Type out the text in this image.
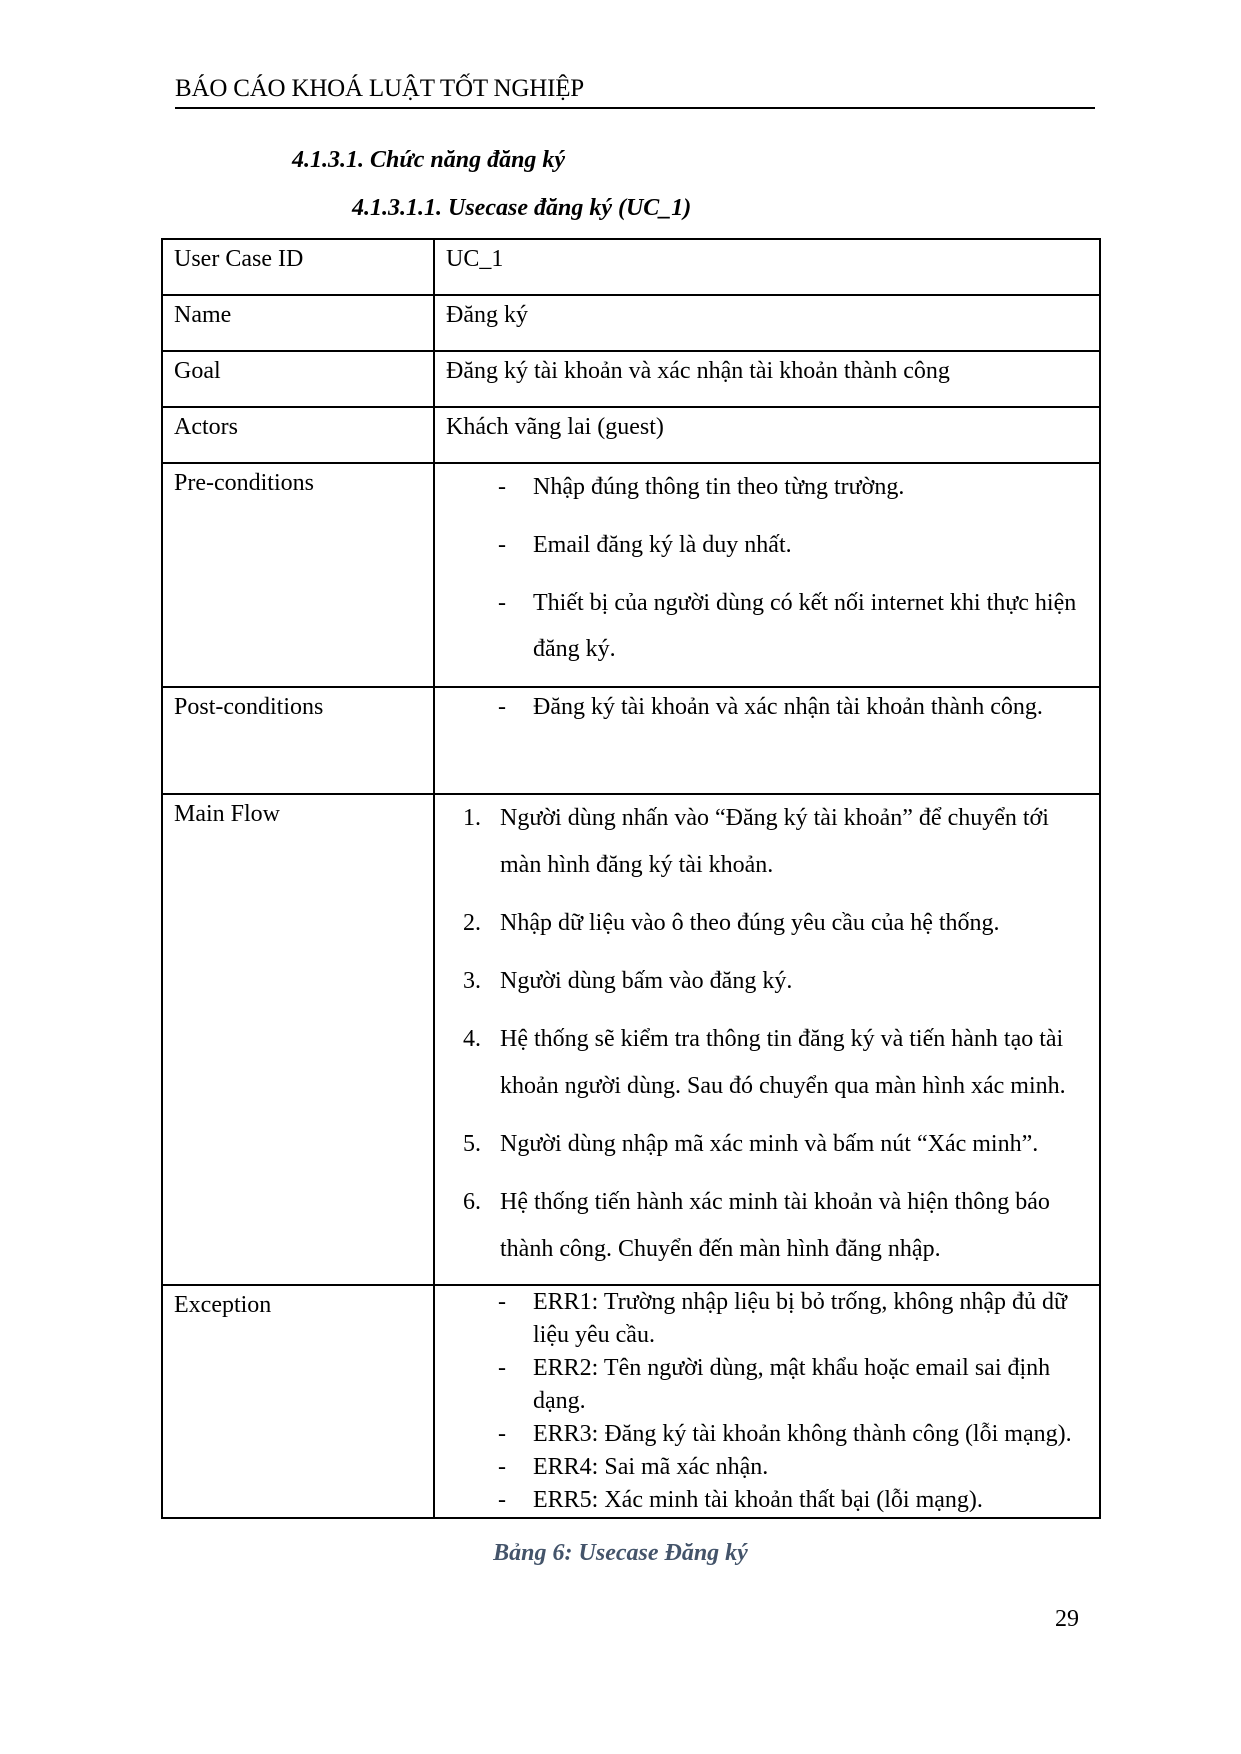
BÁO CÁO KHOÁ LUẬT TỐT NGHIỆP
4.1.3.1. Chức năng đăng ký
4.1.3.1.1. Usecase đăng ký (UC_1)
User Case ID	UC_1
Name	Đăng ký
Goal	Đăng ký tài khoản và xác nhận tài khoản thành công
Actors	Khách vãng lai (guest)
Pre-conditions	- Nhập đúng thông tin theo từng trường.
- Email đăng ký là duy nhất.
- Thiết bị của người dùng có kết nối internet khi thực hiện đăng ký.

Post-conditions	- Đăng ký tài khoản và xác nhận tài khoản thành công.

Main Flow	1. Người dùng nhấn vào “Đăng ký tài khoản” để chuyển tới màn hình đăng ký tài khoản.
2. Nhập dữ liệu vào ô theo đúng yêu cầu của hệ thống.
3. Người dùng bấm vào đăng ký.
4. Hệ thống sẽ kiểm tra thông tin đăng ký và tiến hành tạo tài khoản người dùng. Sau đó chuyển qua màn hình xác minh.
5. Người dùng nhập mã xác minh và bấm nút “Xác minh”.
6. Hệ thống tiến hành xác minh tài khoản và hiện thông báo thành công. Chuyển đến màn hình đăng nhập.

Exception	- ERR1: Trường nhập liệu bị bỏ trống, không nhập đủ dữ liệu yêu cầu.
- ERR2: Tên người dùng, mật khẩu hoặc email sai định dạng.
- ERR3: Đăng ký tài khoản không thành công (lỗi mạng).
- ERR4: Sai mã xác nhận.
- ERR5: Xác minh tài khoản thất bại (lỗi mạng).
Bảng 6: Usecase Đăng ký
29
